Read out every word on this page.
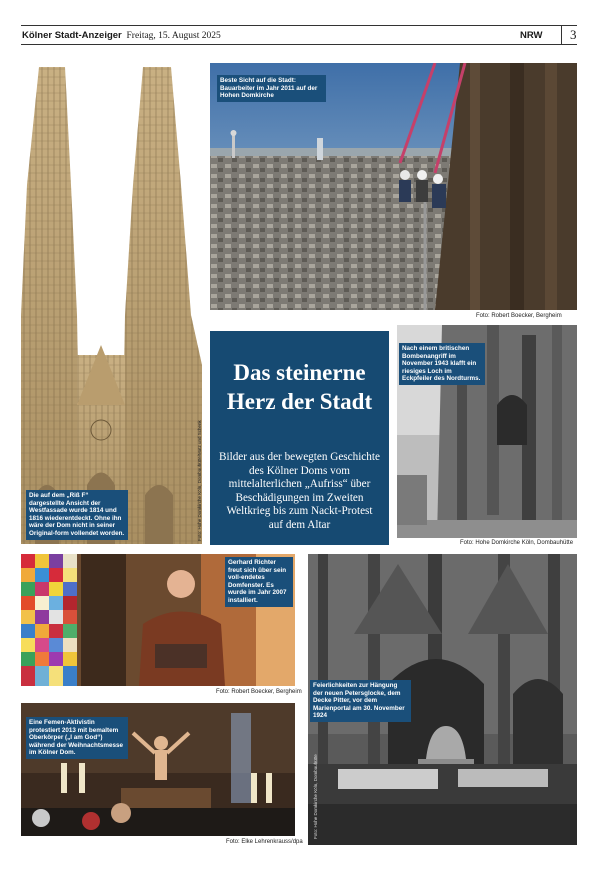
Kölner Stadt-Anzeiger Freitag, 15. August 2025	NRW 3
Die auf dem „Riß F“ dargestellte Ansicht der Westfassade wurde 1814 und 1816 wiederentdeckt. Ohne ihn wäre der Dom nicht in seiner Original-form vollendet worden.	Foto: Hohe Domkirche Köln, Dombauhütte/Matz und Schenk
Beste Sicht auf die Stadt: Bauarbeiter im Jahr 2011 auf der Hohen Domkirche
Foto: Robert Boecker, Bergheim
Das steinerne Herz der Stadt
Bilder aus der bewegten Geschichte des Kölner Doms vom mittelalterlichen „Aufriss“ über Beschädigungen im Zweiten Weltkrieg bis zum Nackt-Protest auf dem Altar
Nach einem britischen Bombenangriff im November 1943 klafft ein riesiges Loch im Eckpfeiler des Nordturms.
Foto: Hohe Domkirche Köln, Dombauhütte
Gerhard Richter freut sich über sein voll-endetes Domfenster. Es wurde im Jahr 2007 installiert.
Foto: Robert Boecker, Bergheim
Feierlichkeiten zur Hängung der neuen Petersglocke, dem Decke Pitter, vor dem Marienportal am 30. November 1924
Foto: Hohe Domkirche Köln, Dombauhütte
Eine Femen-Aktivistin protestiert 2013 mit bemaltem Oberkörper („I am God“) während der Weihnachtsmesse im Kölner Dom.
Foto: Elke Lehrenkrauss/dpa
